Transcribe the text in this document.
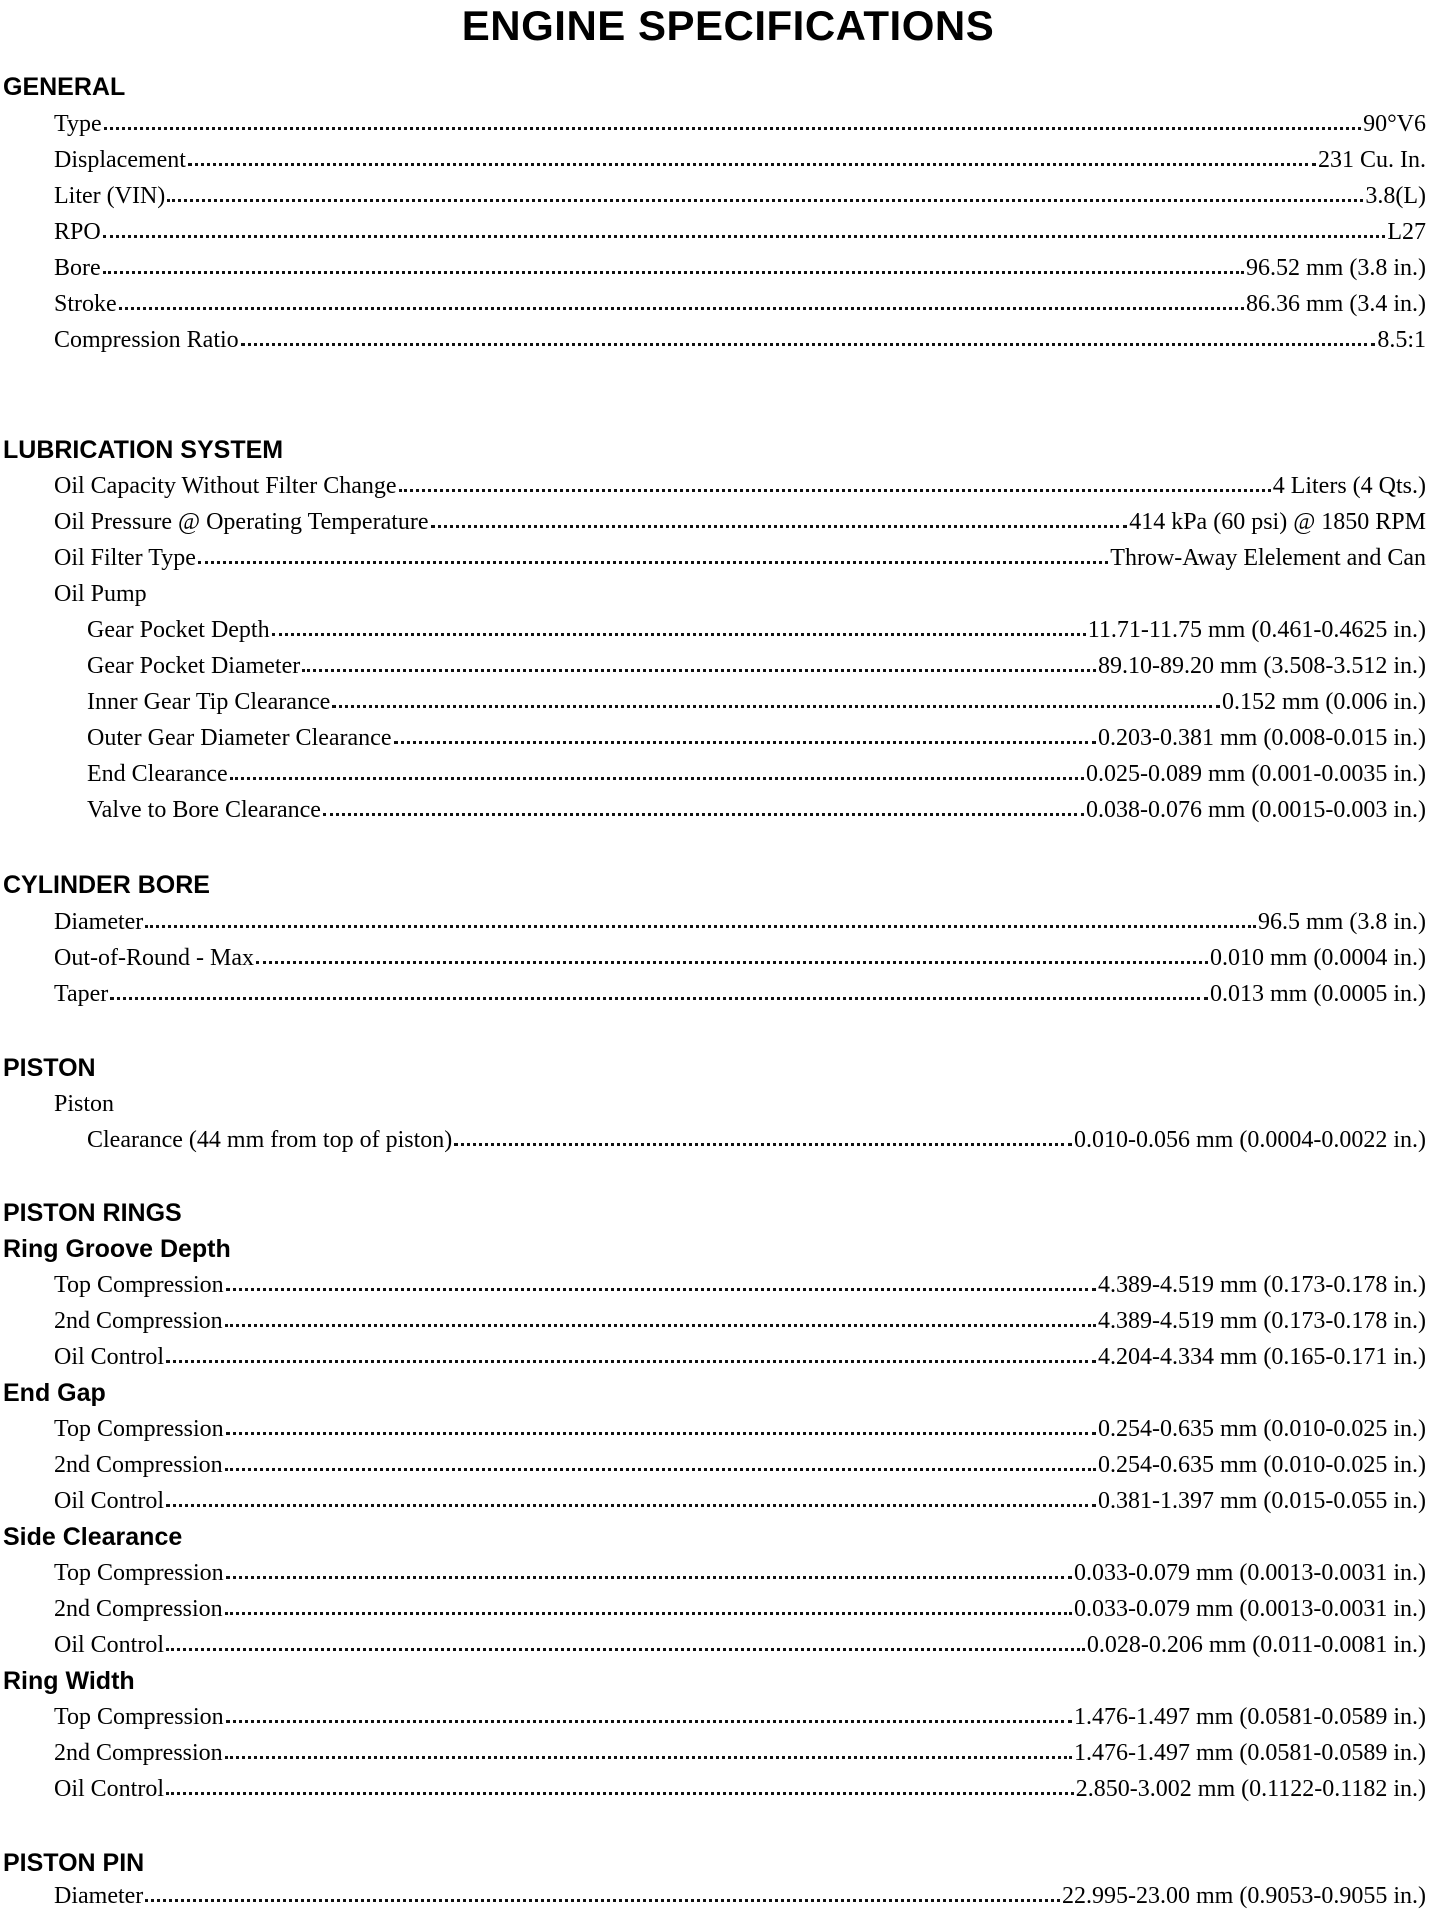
ENGINE SPECIFICATIONS
GENERAL
Type	90°V6
Displacement	231 Cu. In.
Liter (VIN)	3.8(L)
RPO	L27
Bore	96.52 mm (3.8 in.)
Stroke	86.36 mm (3.4 in.)
Compression Ratio	8.5:1
LUBRICATION SYSTEM
Oil Capacity Without Filter Change	4 Liters (4 Qts.)
Oil Pressure @ Operating Temperature	414 kPa (60 psi) @ 1850 RPM
Oil Filter Type	Throw-Away Elelement and Can
Oil Pump
Gear Pocket Depth	11.71-11.75 mm (0.461-0.4625 in.)
Gear Pocket Diameter	89.10-89.20 mm (3.508-3.512 in.)
Inner Gear Tip Clearance	0.152 mm (0.006 in.)
Outer Gear Diameter Clearance	0.203-0.381 mm (0.008-0.015 in.)
End Clearance	0.025-0.089 mm (0.001-0.0035 in.)
Valve to Bore Clearance	0.038-0.076 mm (0.0015-0.003 in.)
CYLINDER BORE
Diameter	96.5 mm (3.8 in.)
Out-of-Round - Max	0.010 mm (0.0004 in.)
Taper	0.013 mm (0.0005 in.)
PISTON
Piston
Clearance (44 mm from top of piston)	0.010-0.056 mm (0.0004-0.0022 in.)
PISTON RINGS
Ring Groove Depth
Top Compression	4.389-4.519 mm (0.173-0.178 in.)
2nd Compression	4.389-4.519 mm (0.173-0.178 in.)
Oil Control	4.204-4.334 mm (0.165-0.171 in.)
End Gap
Top Compression	0.254-0.635 mm (0.010-0.025 in.)
2nd Compression	0.254-0.635 mm (0.010-0.025 in.)
Oil Control	0.381-1.397 mm (0.015-0.055 in.)
Side Clearance
Top Compression	0.033-0.079 mm (0.0013-0.0031 in.)
2nd Compression	0.033-0.079 mm (0.0013-0.0031 in.)
Oil Control	0.028-0.206 mm (0.011-0.0081 in.)
Ring Width
Top Compression	1.476-1.497 mm (0.0581-0.0589 in.)
2nd Compression	1.476-1.497 mm (0.0581-0.0589 in.)
Oil Control	2.850-3.002 mm (0.1122-0.1182 in.)
PISTON PIN
Diameter	22.995-23.00 mm (0.9053-0.9055 in.)
